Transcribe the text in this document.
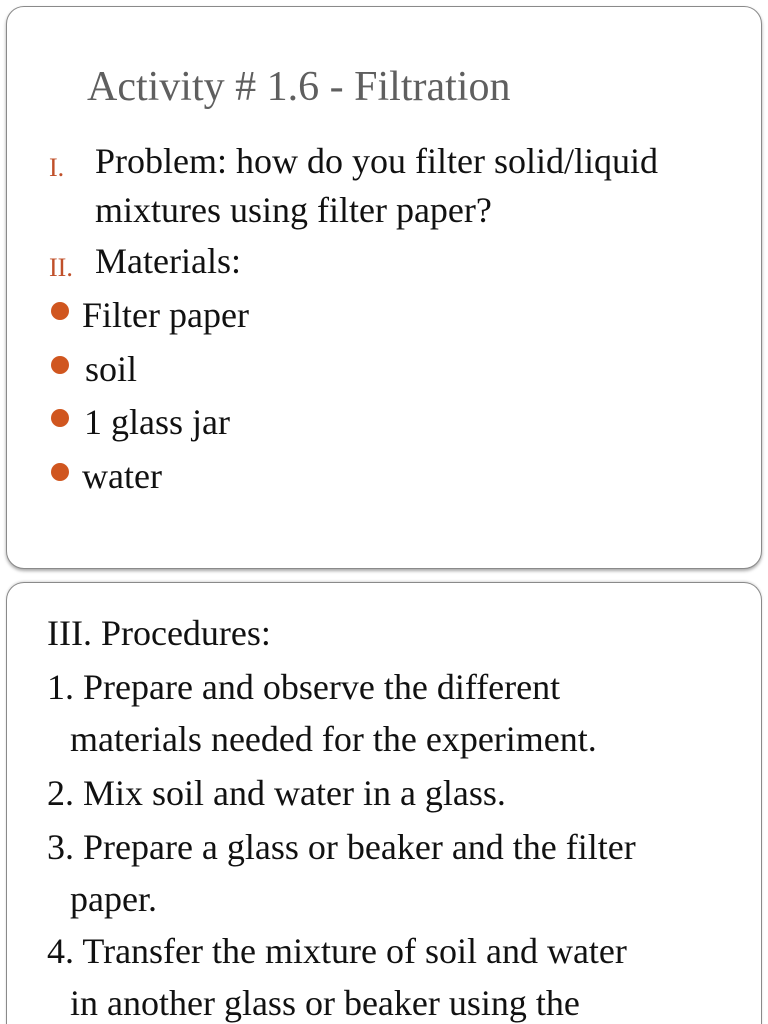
Activity # 1.6 - Filtration
I. Problem: how do you filter solid/liquid
mixtures using filter paper?
II. Materials:
Filter paper
soil
1 glass jar
water
III. Procedures:
1. Prepare and observe the different
materials needed for the experiment.
2. Mix soil and water in a glass.
3. Prepare a glass or beaker and the filter
paper.
4. Transfer the mixture of soil and water
in another glass or beaker using the
